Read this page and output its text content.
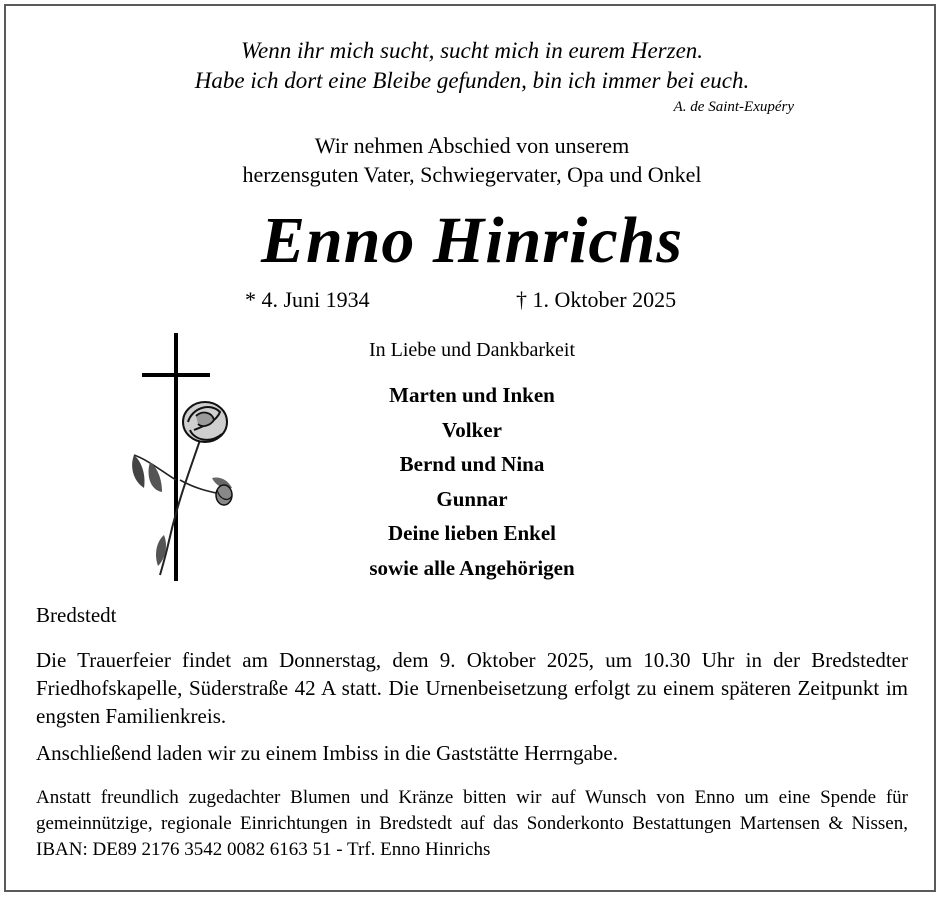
Wenn ihr mich sucht, sucht mich in eurem Herzen.
Habe ich dort eine Bleibe gefunden, bin ich immer bei euch.
A. de Saint-Exupéry
Wir nehmen Abschied von unserem
herzensguten Vater, Schwiegervater, Opa und Onkel
Enno Hinrichs
* 4. Juni 1934	† 1. Oktober 2025
In Liebe und Dankbarkeit
Marten und Inken
Volker
Bernd und Nina
Gunnar
Deine lieben Enkel
sowie alle Angehörigen
Bredstedt
Die Trauerfeier findet am Donnerstag, dem 9. Oktober 2025, um 10.30 Uhr in der Bredstedter Friedhofskapelle, Süderstraße 42 A statt. Die Urnenbeisetzung erfolgt zu einem späteren Zeitpunkt im engsten Familienkreis.
Anschließend laden wir zu einem Imbiss in die Gaststätte Herrngabe.
Anstatt freundlich zugedachter Blumen und Kränze bitten wir auf Wunsch von Enno um eine Spende für gemeinnützige, regionale Einrichtungen in Bredstedt auf das Sonderkonto Bestattungen Martensen & Nissen, IBAN: DE89 2176 3542 0082 6163 51 - Trf. Enno Hinrichs
